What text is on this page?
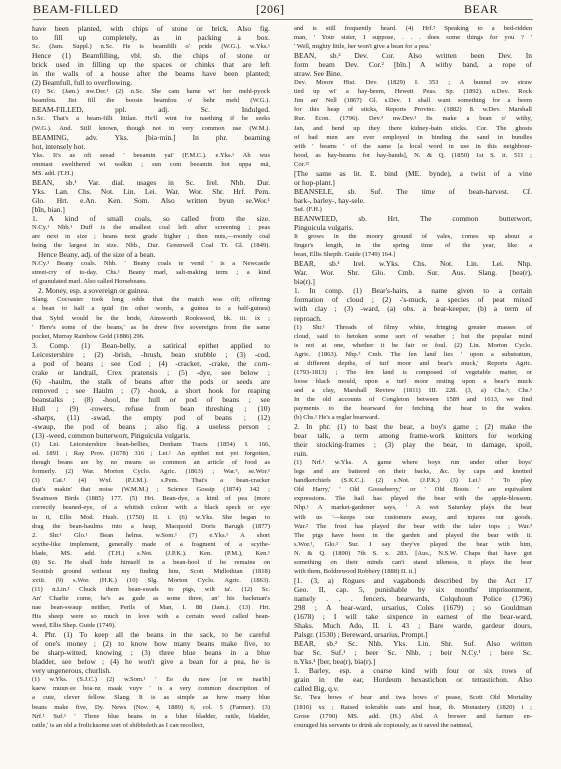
BEAM-FILLED	[206]	BEAR
have been planted, with chips of stone or brick. Also fig.
to fill up completely, as in packing a box.
Sc. (Jam. Suppl.) n.Sc. He is beamfillt o' pride (W.G.). w.Yks.¹
Hence (1) Beamfilling, vbl. sb. the chips of stone or
brick used in filling up the spaces or chinks that are left
in the walls of a house after the beams have been planted;
(2) Beamfull, full to overflowing.
(1) Sc. (Jam.) nw.Der.¹ (2) n.Sc. She cam hame wi' her mehl-pyock
beamfou. Jist fill the boosie beamfou o' behr mehl (W.G.).
BEAM-FILLED, ppl. adj. Sc. Indulged.
n.Sc. That's a beam-fillt littlan. He'll wint for naething if he seeks
(W.G.). And. Still known, though not in very common use (W.M.).
BEAMING, adv. Yks. [biə·min.] In phr. beaming
hot, intensely hot.
Yks. It's as oft seead ' beeamin yat' (F.M.C.). e.Yks.¹ Ah wus
ommast swelthered wi walkin ; sun com beeamin hot uppa mā,
MS. add. (T.H.)
BEAN, sb.¹ Var. dial. usages in Sc. Irel. Nhb. Dur.
Yks. Lan. Chs. Not. Lin. Lei. War. Wor. Shr. Hrf. Pem.
Glo. Hrt. e.An. Ken. Som. Also written byun se.Wor.¹
[bīn, bian.]
1. A kind of small coals, so called from the size.
N.Cy.¹ Nhb.¹ Duff is the smallest coal left after screening ; peas
are next in size ; beans next grade higher ; then nuts,—roondy coal
being the largest in size. Nhb., Dur. Greenwell Coal Tr. Gl. (1849).
Hence Beany, adj. of the size of a bean.
N.Cy.¹ Beany coals. Nhb. ' Beany coals te vend ' is a Newcastle
street-cry of to-day. Chs.¹ Beany marl, salt-making term ; a kind
of granulated marl. Also called Horsebeans.
2. Money, esp. a sovereign or guinea.
Slang. Cocoaster took long odds that the match was off; offering
a bean to half a quid (in other words, a guinea to a half-guinea)
that Sybil would be the bride, Ainsworth Rookwood, bk. iii. ix ;
' Here's some of the beans,' as he drew five sovereigns from the same
pocket, Murray Rainbow Gold (1886) 296.
3. Comp. (1) Bean-belly, a satirical epithet applied to
Leicestershire ; (2) -brish, -brush, bean stubble ; (3) -cod,
a pod of beans ; see Cod ; (4) -cracker, -crake, the corn-
crake or landrail, Crex pratensis ; (5) -dye, see below ;
(6) -haulm, the stalk of beans after the pods or seeds are
removed ; see Haulm ; (7) -hook, a short hook for reaping
beanstalks ; (8) -hool, the hull or pod of beans ; see
Hull ; (9) -rowers, refuse from bean threshing ; (10)
-sharps, (11) -swad, the empty pod of beans ; (12)
-swaup, the pod of beans ; also fig. a useless person ;
(13) -weed, common butterwort, Pinguicula vulgaris.
(1) Lei. Leicestershire bean-bellies, Denham Tracts (1854) I. 166,
ed. 1891 ; Ray Prov. (1678) 316 ; Lei.¹ An epithet not yet forgotten,
though beans are by no means so common an article of food as
formerly. (2) War. Morton Cyclo. Agric. (1863) ; War.³, se.Wor.¹
(3) Cai.¹ (4) Wxf. (P.J.M.). s.Pem. That's a bean-cracker
that's makin' that noise (W.M.M.) ; Science Gossip (1874) 142 ;
Swainson Birds (1885) 177. (5) Hrt. Bean-dye, a kind of pea (more
correctly beaned-eye, of a whitish colour with a black speck or eye
in it, Ellis Mod. Husb. (1750) II. i. (6) w.Yks. She began to
drag the bean-haulms into a heap, Macquoid Doris Barugh (1877)
2. Shr.¹ Glo.¹ Bean helms. w.Som.¹ (7) e.Yks.¹ A short
scythe-like implement, generally made of a fragment of a scythe-
blade, MS. add. (T.H.) s.Not. (J.P.K.). Ken. (P.M.), Ken.¹
(8) Sc. He shall hide himself in a bean-hool if he remains on
Scottish ground without my finding him, Scott Midlothian (1818)
xviii. (9) s.Wor. (H.K.) (10) Slg. Morton Cyclo. Agric. (1863).
(11) n.Lin.¹ Chuck them bean-swads to pigs, wilt ta'. (12) Sc.
An' Charlie come, he's as gude as some three, an' his backman's
nae bean-swaup neither, Perils of Man, I. 88 (Jam.). (13) Hrt.
His sheep were so much in love with a certain weed called bean-
weed, Ellis Shep. Guide (1749).
4. Phr. (1) To keep all the beans in the sack, to be careful
of one's money ; (2) to know how many beans make five, to
be sharp-witted, knowing ; (3) three blue beans in a blue
bladder, see below ; (4) he won't give a bean for a pea, he is
very ungenerous, churlish.
(1) w.Yks. (S.J.C.) (2) w.Som.¹ ' Ee du naw [or ee naa'th]
kaew muun·ee boa·nz maak vuyv ' is a very common description of
a cute, clever fellow. Slang. It is as simple as how many blue
beans make five, Dy. News (Nov. 4, 1889) 6, col. 5 (Farmer). (3)
Nrf.¹ Suf.¹ ' Three blue beans in a blue bladder, rattle, bladder,
rattle,' is an old a frolicksome sort of shibboleth as I can recollect,
and is still frequently heard. (4) Hrf.² Speaking to a bed-ridden
man, ' Your sister, I suppose, . . . does some things for you ? '
' Well, mighty little, her won't give a bean for a pea.'
BEAN, sb.² Dev. Cor. Also written been Dev. In
form beam Dev. Cor.² [bīn.] A withy band, a rope of
straw. See Bine.
Dev. Moore Hist. Dev. (1829) I. 353 ; A bunnel ov straw
tied up wi' a hay-beem, Hewett Peas. Sp. (1892). n.Dev. Rock
Jim an' Nell (1867) Gl. s.Dev. I shall want something for a beem
for this heap of sticks, Reports Provinc. (1882) 8. w.Dev. Marshall
Rur. Econ. (1796). Dev.³ nw.Dev.¹ Its make a bean o' withy,
Jan, and bend up they there kidney-bain sticks. Cor. The ghosts
of bad men are ever employed in binding the sand in bundles
with ' beams ' of the same [a local word in use in this neighbour-
hood, as hay-beams for hay-bands], N. & Q. (1850) 1st S. ii. 511 ;
Cor.¹²
[The same as lit. E. bind (ME. bynde), a twist of a vine
or hop-plant.]
BEANSELE, sb. Suf. The time of bean-harvest. Cf.
bark-, barley-, hay-sele.
Suf. (F.H.)
BEANWEED, sb. Hrt. The common butterwort,
Pinguicula vulgaris.
It grows in the moory ground of vales, comes up about a
finger's length, in the spring time of the year, like a
bean, Ellis Shepth. Guide (1749) 164.]
BEAR, sb.¹ Irel. w.Yks. Chs. Not. Lin. Lei. Nhp.
War. Wor. Shr. Glo. Cmb. Sur. Aus. Slang. [beə(r),
biə(r).]
1. In comp. (1) Bear's-hairs, a name given to a certain
formation of cloud ; (2) -'s-muck, a species of peat mixed
with clay ; (3) -ward, (a) obs. a bear-keeper, (b) a term of
reproach.
(1) Shr.¹ Threads of filmy white, fringing greater masses of
cloud, said to betoken some sort of weather ; but the popular mind
is not at one, whether it be fair or foul. (2) Lin. Morton Cyclo.
Agric. (1863). Nhp.² Cmb. The fen land lies ' upon a substratum,
at different depths, of turf moor and bear's muck,' Reports Agric.
(1793-1813) ; The fen land is composed of vegetable matter, or
loose black mould, upon a turf moor resting upon a bear's muck
and a clay, Marshall Review (1811) III. 228. (3, a) Chs.¹; Chs.²
In the old accounts of Congleton between 1589 and 1613, we find
payments to the bearward for fetching the bear to the wakes.
(b) Chs.¹ He's a reglar bearward.
2. In phr. (1) to bast the bear, a boy's game ; (2) make the
bear talk, a term among frame-work knitters for working
their stocking-frames ; (3) play the bear, to damage, spoil,
ruin.
(1) Nrf.¹ w.Yks. A game where boys run under other boys'
legs and are battered on their backs, &c. by caps and knotted
handkerchiefs (S.K.C.). (2) s.Not. (J.P.K.) (3) Lei.¹ ' To play
Old Harry,' ' Old Gooseberry,' or ' Old Boots ' are equivalent
expressions. The hail has played the bear with the apple-blossom.
Nhp.¹ A market-gardener says, ' A wet Saturday plays the bear
with us '—keeps our customers away, and injures our goods.
War.² The frost has played the bear with the taler tops ; War.³
The pigs have been in the garden and played the bear with it.
s.Wor.¹, Glo.² Sur. I say they've played the bear with him,
N. & Q. (1890) 7th S. x. 283. [Aus., N.S.W. Chaps that have got
something on their minds can't stand idleness, it plays the bear
with them, Boldrewood Robbery (1888) II. ii.]
[1. (3, a) Rogues and vagabonds described by the Act 17
Geo. II, cap. 5, punishable by six months' imprisonment,
namely . . . fencers, bearwards, Colquhoun Police (1796)
298 ; A bear-ward, ursarius, Coles (1679) ; so Gouldman
(1678) ; I will take sixpence in earnest of the bear-ward,
Shaks. Much Ado, II. i. 43 ; Bare warde, gardeur dours,
Palsgr. (1530) ; Bereward, ursarius, Prompt.]
BEAR, sb.² Sc. Nhb. Yks. Lin. Shr. Suf. Also written
bar Sc. Suf.¹ ; beer Sc. Nhb. ; beir N.Cy.¹ ; bere Sc.
n.Yks.¹ [ber, beə(r), biə(r).]
1. Barley, esp. a coarse kind with four or six rows of
grain in the ear, Hordeum hexastichon or tetrastichon. Also
called Big, q.v.
Sc. Twa bows o' bear and twa bows o' pease, Scott Old Mortality
(1816) xx ; Raised tolerable oats and bear, ib. Monastery (1820) i ;
Grose (1790) MS. add. (H.) Abd. A brewer and farmer en-
couraged his servants to drink ale copiously, as it saved the oatmeal,
